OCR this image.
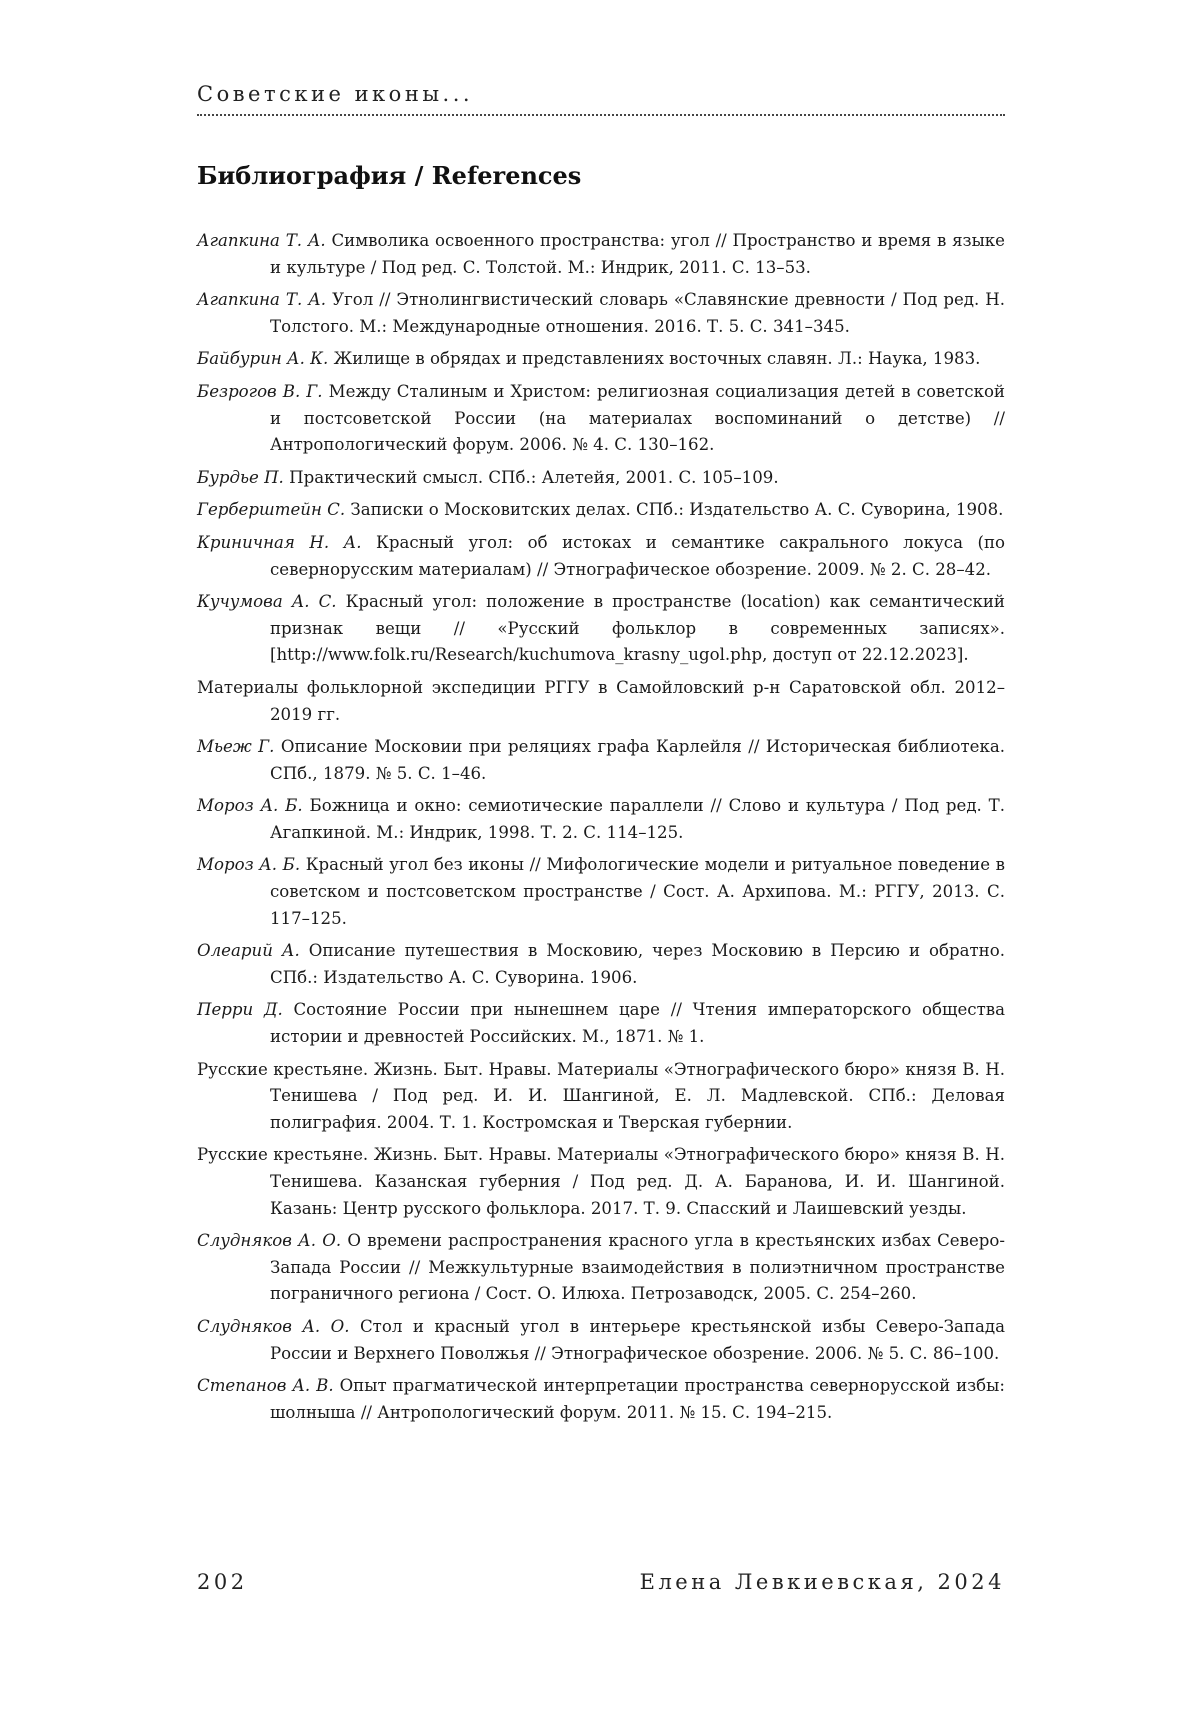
Советские иконы...
Библиография / References
Агапкина Т. А. Символика освоенного пространства: угол // Пространство и время в языке и культуре / Под ред. С. Толстой. М.: Индрик, 2011. С. 13–53.
Агапкина Т. А. Угол // Этнолингвистический словарь «Славянские древности / Под ред. Н. Толстого. М.: Международные отношения. 2016. Т. 5. С. 341–345.
Байбурин А. К. Жилище в обрядах и представлениях восточных славян. Л.: Наука, 1983.
Безрогов В. Г. Между Сталиным и Христом: религиозная социализация детей в советской и постсоветской России (на материалах воспоминаний о детстве) // Антропологический форум. 2006. № 4. С. 130–162.
Бурдье П. Практический смысл. СПб.: Алетейя, 2001. С. 105–109.
Герберштейн С. Записки о Московитских делах. СПб.: Издательство А. С. Суворина, 1908.
Криничная Н. А. Красный угол: об истоках и семантике сакрального локуса (по севернорусским материалам) // Этнографическое обозрение. 2009. № 2. С. 28–42.
Кучумова А. С. Красный угол: положение в пространстве (location) как семантический признак вещи // «Русский фольклор в современных записях». [http://www.folk.ru/Research/kuchumova_krasny_ugol.php, доступ от 22.12.2023].
Материалы фольклорной экспедиции РГГУ в Самойловский р-н Саратовской обл. 2012–2019 гг.
Мьеж Г. Описание Московии при реляциях графа Карлейля // Историческая библиотека. СПб., 1879. № 5. С. 1–46.
Мороз А. Б. Божница и окно: семиотические параллели // Слово и культура / Под ред. Т. Агапкиной. М.: Индрик, 1998. Т. 2. С. 114–125.
Мороз А. Б. Красный угол без иконы // Мифологические модели и ритуальное поведение в советском и постсоветском пространстве / Сост. А. Архипова. М.: РГГУ, 2013. С. 117–125.
Олеарий А. Описание путешествия в Московию, через Московию в Персию и обратно. СПб.: Издательство А. С. Суворина. 1906.
Перри Д. Состояние России при нынешнем царе // Чтения императорского общества истории и древностей Российских. М., 1871. № 1.
Русские крестьяне. Жизнь. Быт. Нравы. Материалы «Этнографического бюро» князя В. Н. Тенишева / Под ред. И. И. Шангиной, Е. Л. Мадлевской. СПб.: Деловая полиграфия. 2004. Т. 1. Костромская и Тверская губернии.
Русские крестьяне. Жизнь. Быт. Нравы. Материалы «Этнографического бюро» князя В. Н. Тенишева. Казанская губерния / Под ред. Д. А. Баранова, И. И. Шангиной. Казань: Центр русского фольклора. 2017. Т. 9. Спасский и Лаишевский уезды.
Слудняков А. О. О времени распространения красного угла в крестьянских избах Северо-Запада России // Межкультурные взаимодействия в полиэтничном пространстве пограничного региона / Сост. О. Илюха. Петрозаводск, 2005. С. 254–260.
Слудняков А. О. Стол и красный угол в интерьере крестьянской избы Северо-Запада России и Верхнего Поволжья // Этнографическое обозрение. 2006. № 5. С. 86–100.
Степанов А. В. Опыт прагматической интерпретации пространства севернорусской избы: шолныша // Антропологический форум. 2011. № 15. С. 194–215.
202	Елена Левкиевская, 2024
